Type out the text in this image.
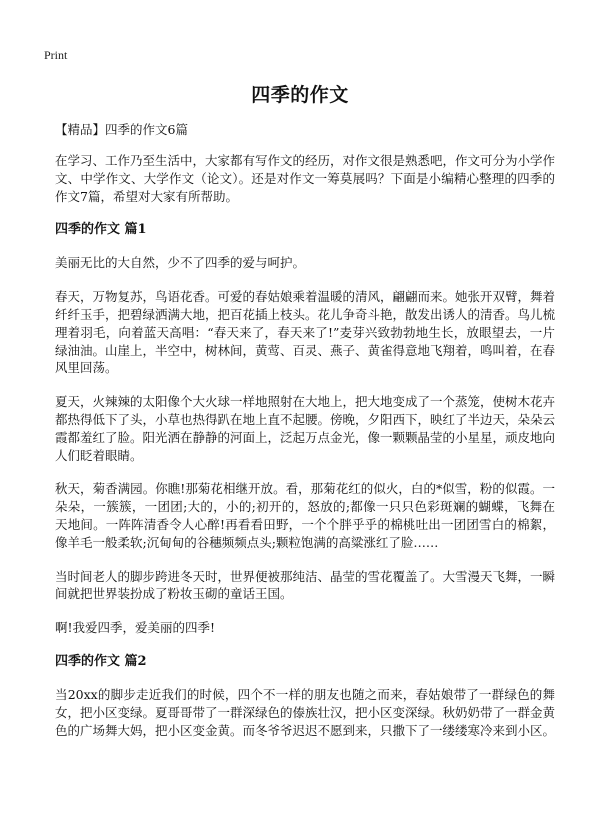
Print
四季的作文

【精品】四季的作文6篇

在学习、工作乃至生活中，大家都有写作文的经历，对作文很是熟悉吧，作文可分为小学作文、中学作文、大学作文（论文）。还是对作文一筹莫展吗？下面是小编精心整理的四季的作文7篇，希望对大家有所帮助。

四季的作文 篇1

美丽无比的大自然，少不了四季的爱与呵护。

春天，万物复苏，鸟语花香。可爱的春姑娘乘着温暖的清风，翩翩而来。她张开双臂，舞着纤纤玉手，把碧绿洒满大地，把百花插上枝头。花儿争奇斗艳，散发出诱人的清香。鸟儿梳理着羽毛，向着蓝天高唱：“春天来了，春天来了!”麦芽兴致勃勃地生长，放眼望去，一片绿油油。山崖上，半空中，树林间，黄莺、百灵、燕子、黄雀得意地飞翔着，鸣叫着，在春风里回荡。

夏天，火辣辣的太阳像个大火球一样地照射在大地上，把大地变成了一个蒸笼，使树木花卉都热得低下了头，小草也热得趴在地上直不起腰。傍晚，夕阳西下，映红了半边天，朵朵云霞都羞红了脸。阳光洒在静静的河面上，泛起万点金光，像一颗颗晶莹的小星星，顽皮地向人们眨着眼睛。

秋天，菊香满园。你瞧!那菊花相继开放。看，那菊花红的似火，白的*似雪，粉的似霞。一朵朵，一簇簇，一团团;大的，小的;初开的，怒放的;都像一只只色彩斑斓的蝴蝶，飞舞在天地间。一阵阵清香令人心醉!再看看田野，一个个胖乎乎的棉桃吐出一团团雪白的棉絮，像羊毛一般柔软;沉甸甸的谷穗频频点头;颗粒饱满的高粱涨红了脸……

当时间老人的脚步跨进冬天时，世界便被那纯洁、晶莹的雪花覆盖了。大雪漫天飞舞，一瞬间就把世界装扮成了粉妆玉砌的童话王国。

啊!我爱四季，爱美丽的四季!

四季的作文 篇2

当20xx的脚步走近我们的时候，四个不一样的朋友也随之而来，春姑娘带了一群绿色的舞女，把小区变绿。夏哥哥带了一群深绿色的傣族壮汉，把小区变深绿。秋奶奶带了一群金黄色的广场舞大妈，把小区变金黄。而冬爷爷迟迟不愿到来，只撒下了一缕缕寒冷来到小区。
